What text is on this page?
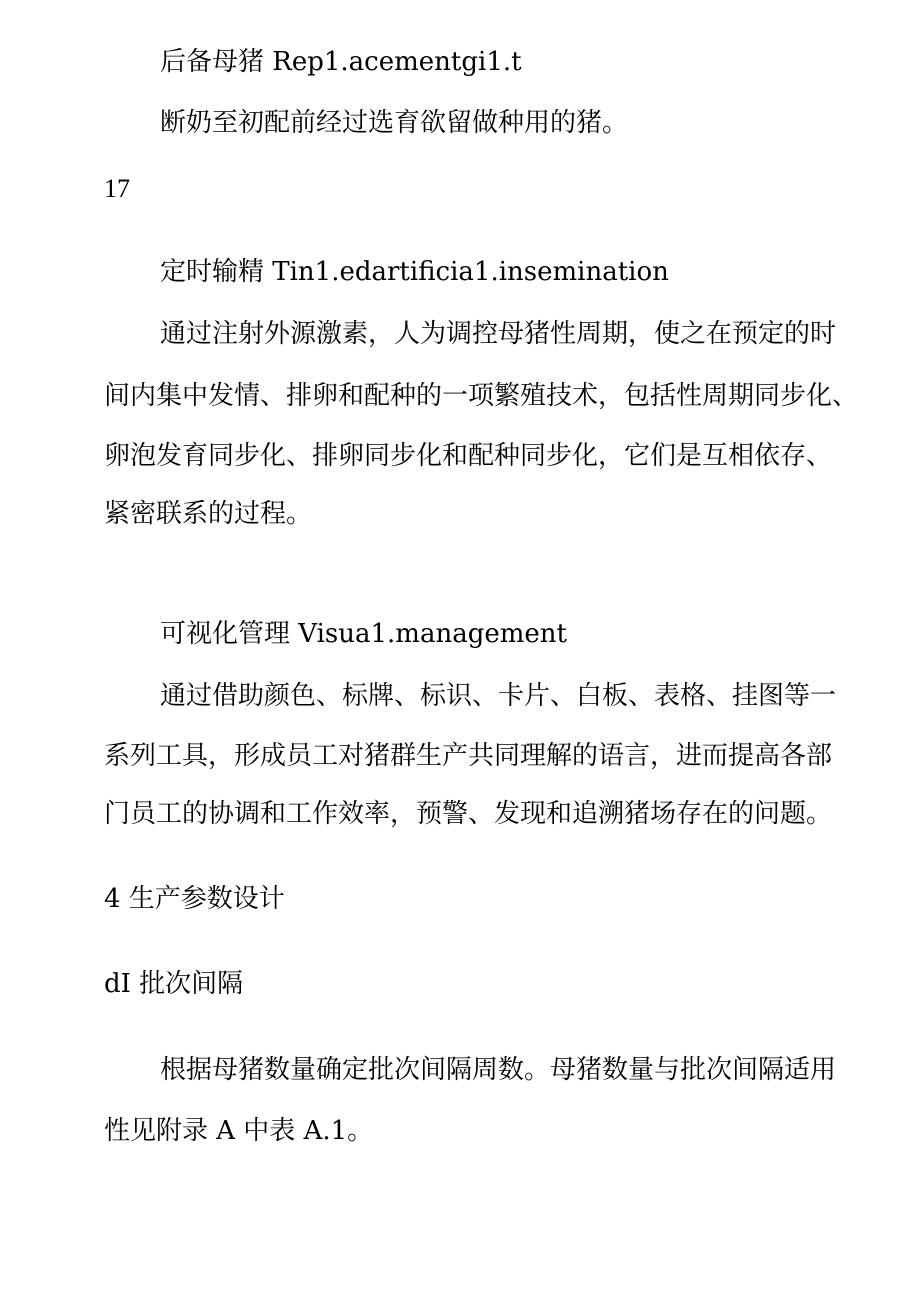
后备母猪 Rep1.acementgi1.t
断奶至初配前经过选育欲留做种用的猪。
17
定时输精 Tin1.edartificia1.insemination
通过注射外源激素，人为调控母猪性周期，使之在预定的时
间内集中发情、排卵和配种的一项繁殖技术，包括性周期同步化、
卵泡发育同步化、排卵同步化和配种同步化，它们是互相依存、
紧密联系的过程。
可视化管理 Visua1.management
通过借助颜色、标牌、标识、卡片、白板、表格、挂图等一
系列工具，形成员工对猪群生产共同理解的语言，进而提高各部
门员工的协调和工作效率，预警、发现和追溯猪场存在的问题。
4 生产参数设计
dI 批次间隔
根据母猪数量确定批次间隔周数。母猪数量与批次间隔适用
性见附录 A 中表 A.1。
